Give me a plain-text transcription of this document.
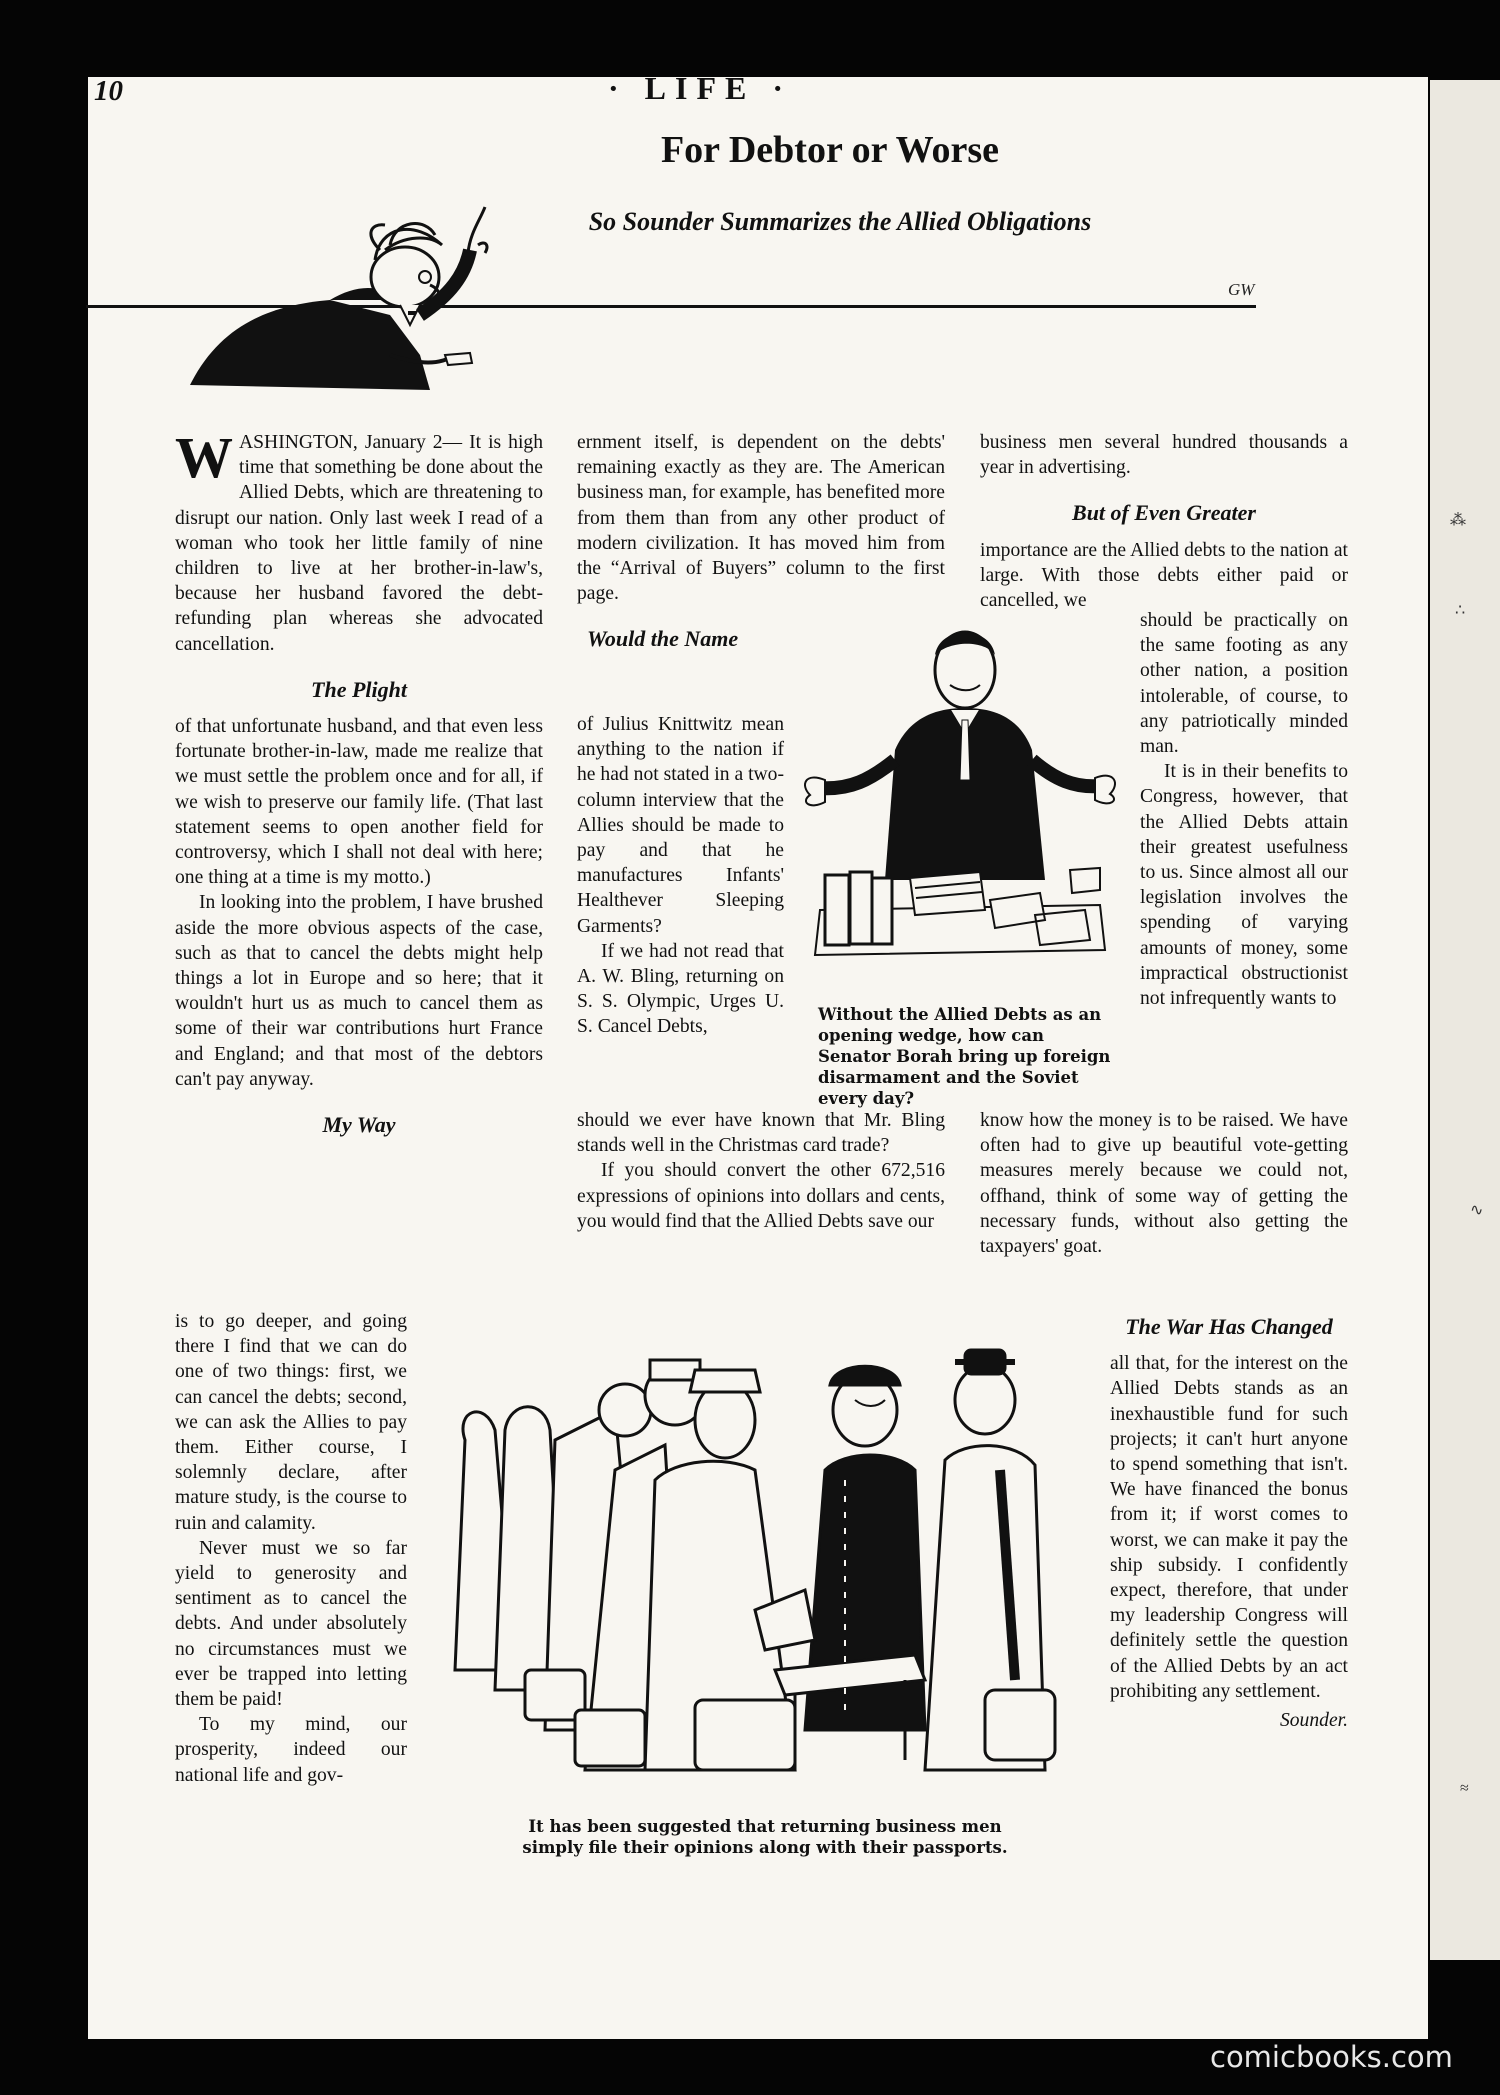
⁂
∴
∿
≈
10	· LIFE ·
For Debtor or Worse
So Sounder Summarizes the Allied Obligations
GW

WASHINGTON, January 2— It is high time that something be done about the Allied Debts, which are threatening to disrupt our nation. Only last week I read of a woman who took her little family of nine children to live at her brother-in-law's, because her husband favored the debt-refunding plan whereas she advocated cancellation.

The Plight

of that unfortunate husband, and that even less fortunate brother-in-law, made me realize that we must settle the problem once and for all, if we wish to preserve our family life. (That last statement seems to open another field for controversy, which I shall not deal with here; one thing at a time is my motto.)

In looking into the problem, I have brushed aside the more obvious aspects of the case, such as that to cancel the debts might help things a lot in Europe and so here; that it wouldn't hurt us as much to cancel them as some of their war contributions hurt France and England; and that most of the debtors can't pay anyway.

My Way

is to go deeper, and going there I find that we can do one of two things: first, we can cancel the debts; second, we can ask the Allies to pay them. Either course, I solemnly declare, after mature study, is the course to ruin and calamity.

Never must we so far yield to generosity and sentiment as to cancel the debts. And under absolutely no circumstances must we ever be trapped into letting them be paid!

To my mind, our prosperity, indeed our national life and gov-

ernment itself, is dependent on the debts' remaining exactly as they are. The American business man, for example, has benefited more from them than from any other product of modern civilization. It has moved him from the “Arrival of Buyers” column to the first page.

Would the Name

of Julius Knittwitz mean anything to the nation if he had not stated in a two-column interview that the Allies should be made to pay and that he manufactures Infants' Healthever Sleeping Garments?

If we had not read that A. W. Bling, returning on S. S. Olympic, Urges U. S. Cancel Debts,

should we ever have known that Mr. Bling stands well in the Christmas card trade?

If you should convert the other 672,516 expressions of opinions into dollars and cents, you would find that the Allied Debts save our

Without the Allied Debts as an opening wedge, how can Senator Borah bring up foreign disarmament and the Soviet every day?

business men several hundred thousands a year in advertising.

But of Even Greater

importance are the Allied debts to the nation at large. With those debts either paid or cancelled, we

should be practically on the same footing as any other nation, a position intolerable, of course, to any patriotically minded man.

It is in their benefits to Congress, however, that the Allied Debts attain their greatest usefulness to us. Since almost all our legislation involves the spending of varying amounts of money, some impractical obstructionist not infrequently wants to

know how the money is to be raised. We have often had to give up beautiful vote-getting measures merely because we could not, offhand, think of some way of getting the necessary funds, without also getting the taxpayers' goat.

The War Has Changed

all that, for the interest on the Allied Debts stands as an inexhaustible fund for such projects; it can't hurt anyone to spend something that isn't. We have financed the bonus from it; if worst comes to worst, we can make it pay the ship subsidy. I confidently expect, therefore, that under my leadership Congress will definitely settle the question of the Allied Debts by an act prohibiting any settlement.

Sounder.
It has been suggested that returning business men simply file their opinions along with their passports.
comicbooks.com
